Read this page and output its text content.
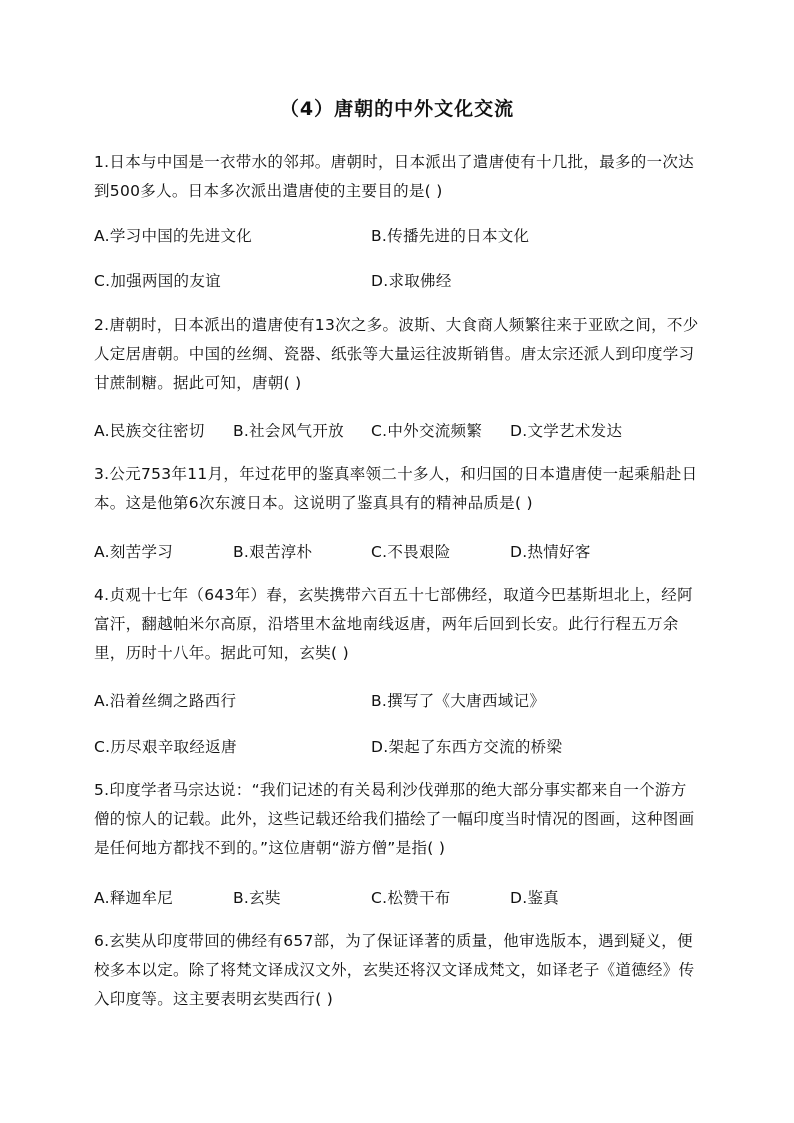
（4）唐朝的中外文化交流
1.日本与中国是一衣带水的邻邦。唐朝时，日本派出了遣唐使有十几批，最多的一次达到500多人。日本多次派出遣唐使的主要目的是( )
A.学习中国的先进文化	B.传播先进的日本文化
C.加强两国的友谊	D.求取佛经
2.唐朝时，日本派出的遣唐使有13次之多。波斯、大食商人频繁往来于亚欧之间，不少人定居唐朝。中国的丝绸、瓷器、纸张等大量运往波斯销售。唐太宗还派人到印度学习甘蔗制糖。据此可知，唐朝( )
A.民族交往密切 B.社会风气开放 C.中外交流频繁 D.文学艺术发达
3.公元753年11月，年过花甲的鉴真率领二十多人，和归国的日本遣唐使一起乘船赴日本。这是他第6次东渡日本。这说明了鉴真具有的精神品质是( )
A.刻苦学习	B.艰苦淳朴	C.不畏艰险	D.热情好客
4.贞观十七年（643年）春，玄奘携带六百五十七部佛经，取道今巴基斯坦北上，经阿富汗，翻越帕米尔高原，沿塔里木盆地南线返唐，两年后回到长安。此行行程五万余里，历时十八年。据此可知，玄奘( )
A.沿着丝绸之路西行	B.撰写了《大唐西域记》
C.历尽艰辛取经返唐	D.架起了东西方交流的桥梁
5.印度学者马宗达说：“我们记述的有关曷利沙伐弹那的绝大部分事实都来自一个游方僧的惊人的记载。此外，这些记载还给我们描绘了一幅印度当时情况的图画，这种图画是任何地方都找不到的。”这位唐朝“游方僧”是指( )
A.释迦牟尼	B.玄奘	C.松赞干布	D.鉴真
6.玄奘从印度带回的佛经有657部，为了保证译著的质量，他审选版本，遇到疑义，便校多本以定。除了将梵文译成汉文外，玄奘还将汉文译成梵文，如译老子《道德经》传入印度等。这主要表明玄奘西行( )
